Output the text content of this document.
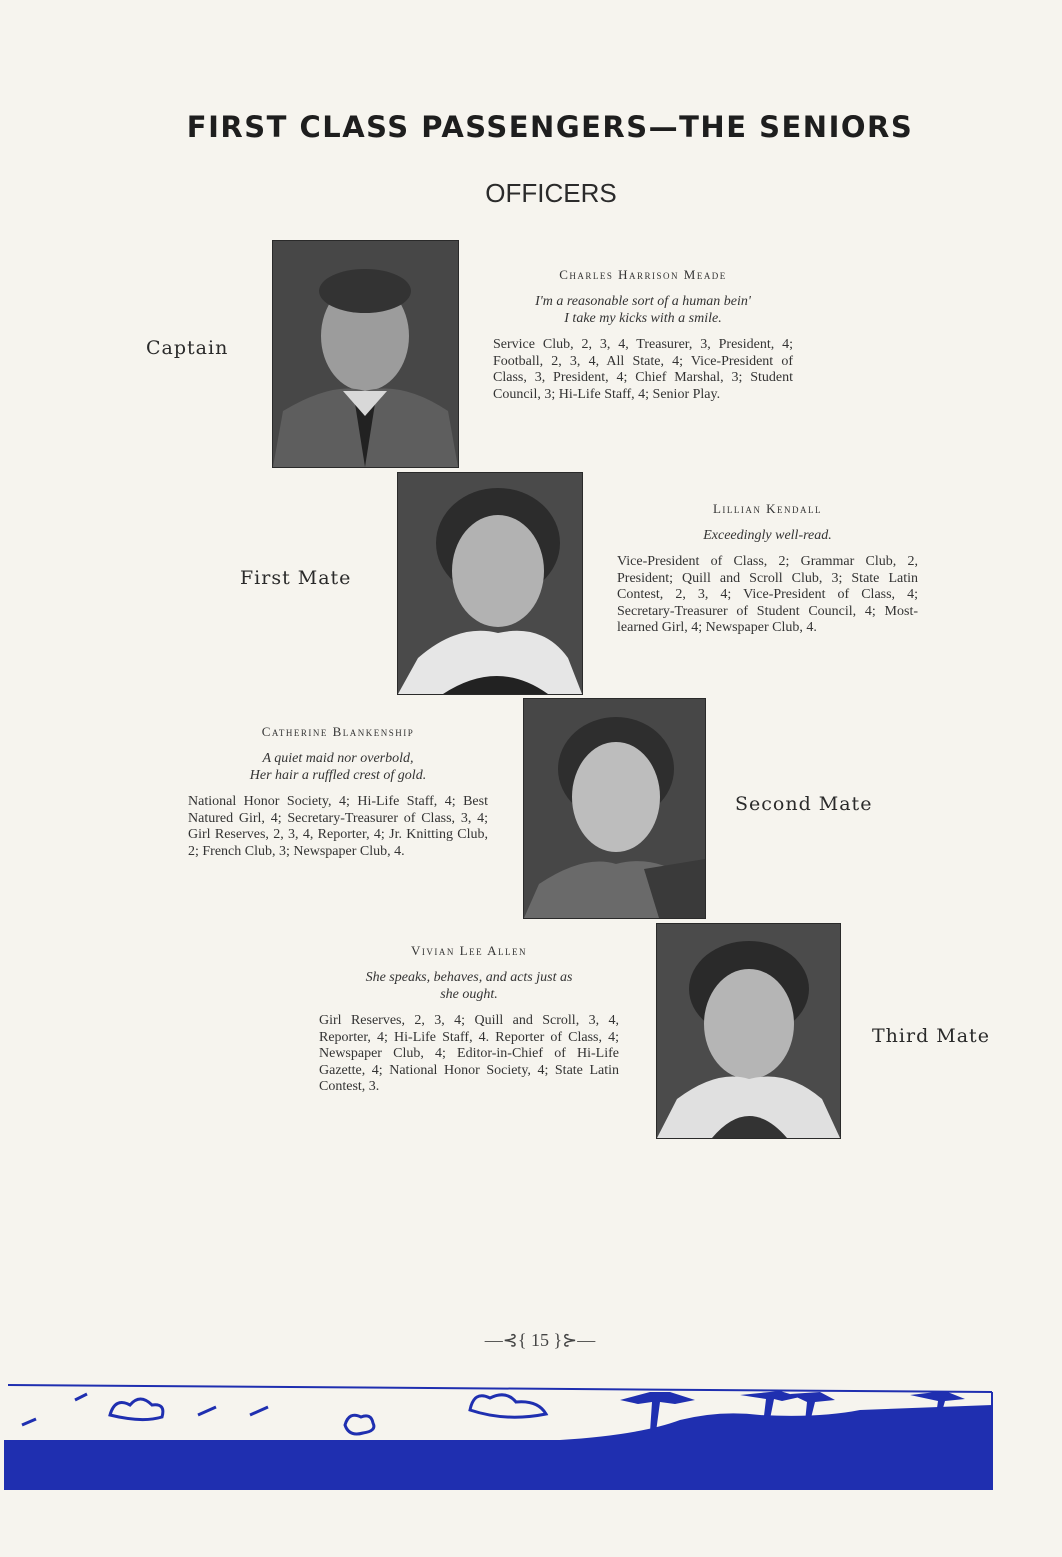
FIRST CLASS PASSENGERS—THE SENIORS
OFFICERS
Captain
Charles Harrison Meade
I'm a reasonable sort of a human bein'
I take my kicks with a smile.
Service Club, 2, 3, 4, Treasurer, 3, President, 4; Football, 2, 3, 4, All State, 4; Vice-President of Class, 3, President, 4; Chief Marshal, 3; Student Council, 3; Hi-Life Staff, 4; Senior Play.
First Mate
Lillian Kendall
Exceedingly well-read.
Vice-President of Class, 2; Grammar Club, 2, President; Quill and Scroll Club, 3; State Latin Contest, 2, 3, 4; Vice-President of Class, 4; Secretary-Treasurer of Student Council, 4; Most-learned Girl, 4; Newspaper Club, 4.
Catherine Blankenship
A quiet maid nor overbold,
Her hair a ruffled crest of gold.
National Honor Society, 4; Hi-Life Staff, 4; Best Natured Girl, 4; Secretary-Treasurer of Class, 3, 4; Girl Reserves, 2, 3, 4, Reporter, 4; Jr. Knitting Club, 2; French Club, 3; Newspaper Club, 4.
Second Mate
Vivian Lee Allen
She speaks, behaves, and acts just as
she ought.
Girl Reserves, 2, 3, 4; Quill and Scroll, 3, 4, Reporter, 4; Hi-Life Staff, 4. Reporter of Class, 4; Newspaper Club, 4; Editor-in-Chief of Hi-Life Gazette, 4; National Honor Society, 4; State Latin Contest, 3.
Third Mate
—⊰{ 15 }⊱—
